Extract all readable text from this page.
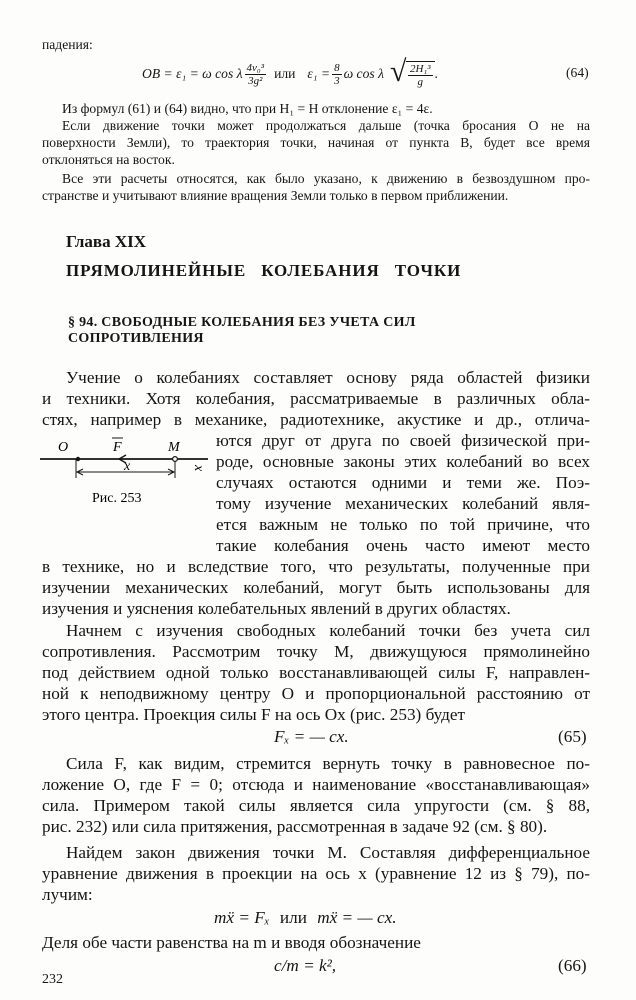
падения:
OB = ε₁ = ω cos λ $\frac{\text{4v₀³}}{\text{3g²}}$ или $\varepsilon_1 = \frac{8}{3}$ ω cos λ √ $\frac{\text{2H₁³}}{g}$ .	(64)
Из формул (61) и (64) видно, что при H₁ = H отклонение ε₁ = 4ε.
Если движение точки может продолжаться дальше (точка бросания O не на
поверхности Земли), то траектория точки, начиная от пункта B, будет все время
отклоняться на восток.
Все эти расчеты относятся, как было указано, к движению в безвоздушном про-
странстве и учитывают влияние вращения Земли только в первом приближении.
Глава XIX
ПРЯМОЛИНЕЙНЫЕ КОЛЕБАНИЯ ТОЧКИ
§ 94. СВОБОДНЫЕ КОЛЕБАНИЯ БЕЗ УЧЕТА СИЛ
СОПРОТИВЛЕНИЯ
Учение о колебаниях составляет основу ряда областей физики
и техники. Хотя колебания, рассматриваемые в различных обла-
стях, например в механике, радиотехнике, акустике и др., отлича-
ются друг от друга по своей физической при-
роде, основные законы этих колебаний во всех
случаях остаются одними и теми же. Поэ-
тому изучение механических колебаний явля-
ется важным не только по той причине, что
такие колебания очень часто имеют место
в технике, но и вследствие того, что результаты, полученные при
изучении механических колебаний, могут быть использованы для
изучения и уяснения колебательных явлений в других областях.
O	F	M
x	x
Рис. 253
Начнем с изучения свободных колебаний точки без учета сил
сопротивления. Рассмотрим точку M, движущуюся прямолинейно
под действием одной только восстанавливающей силы F, направлен-
ной к неподвижному центру O и пропорциональной расстоянию от
этого центра. Проекция силы F на ось Ox (рис. 253) будет
Fₓ = — cx.	(65)
Сила F, как видим, стремится вернуть точку в равновесное по-
ложение O, где F = 0; отсюда и наименование «восстанавливающая»
сила. Примером такой силы является сила упругости (см. § 88,
рис. 232) или сила притяжения, рассмотренная в задаче 92 (см. § 80).
Найдем закон движения точки M. Составляя дифференциальное
уравнение движения в проекции на ось x (уравнение 12 из § 79), по-
лучим:
mẍ = Fₓ или mẍ = — cx.
Деля обе части равенства на m и вводя обозначение
c/m = k²,	(66)
232
